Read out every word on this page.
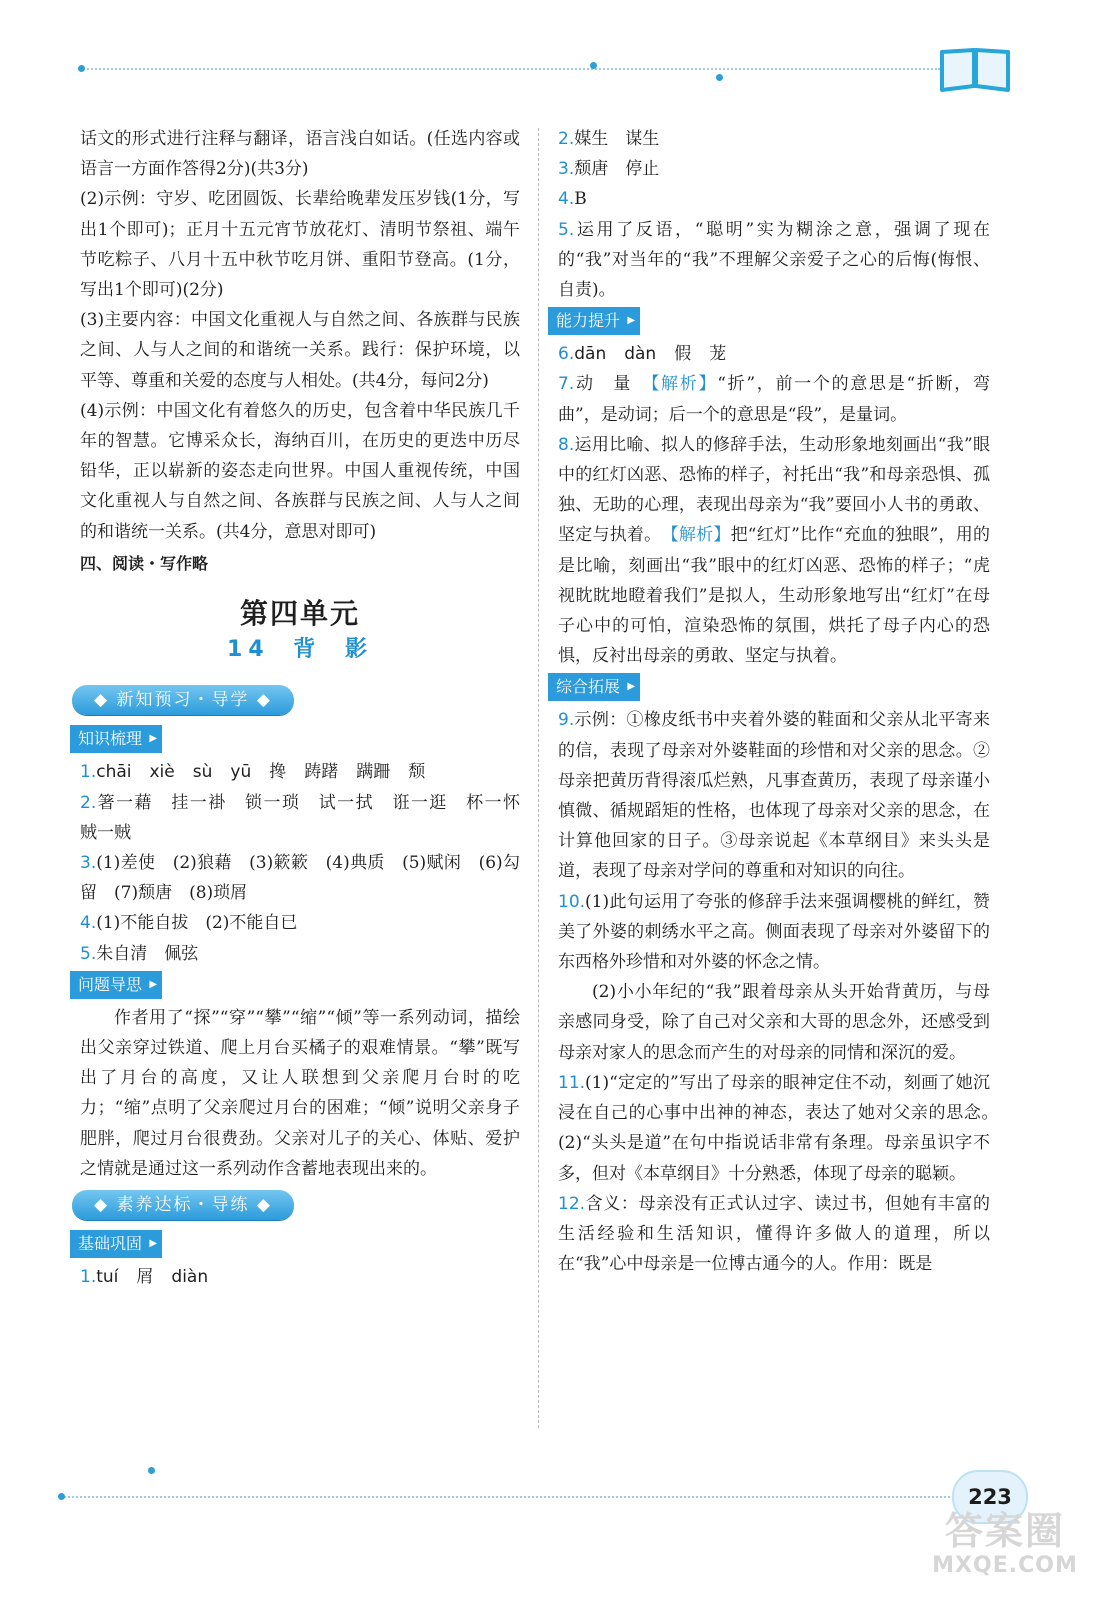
223
答案圈
MXQE.COM

话文的形式进行注释与翻译，语言浅白如话。(任选内容或语言一方面作答得2分)(共3分)

(2)示例：守岁、吃团圆饭、长辈给晚辈发压岁钱(1分，写出1个即可)；正月十五元宵节放花灯、清明节祭祖、端午节吃粽子、八月十五中秋节吃月饼、重阳节登高。(1分，写出1个即可)(2分)

(3)主要内容：中国文化重视人与自然之间、各族群与民族之间、人与人之间的和谐统一关系。践行：保护环境，以平等、尊重和关爱的态度与人相处。(共4分，每问2分)

(4)示例：中国文化有着悠久的历史，包含着中华民族几千年的智慧。它博采众长，海纳百川，在历史的更迭中历尽铅华，正以崭新的姿态走向世界。中国人重视传统，中国文化重视人与自然之间、各族群与民族之间、人与人之间的和谐统一关系。(共4分，意思对即可)

四、阅读・写作略

第四单元
14 背 影
◆ 新知预习・导学 ◆
知识梳理 ▶

1.chāi xiè sù yū 搀 踌躇 蹒跚 颓

2.箸一藉　挂一褂　锁一琐　试一拭　诳一逛　杯一怀　贼一贼

3.(1)差使　(2)狼藉　(3)簌簌　(4)典质　(5)赋闲　(6)勾留　(7)颓唐　(8)琐屑

4.(1)不能自拔　(2)不能自已

5.朱自清　佩弦

问题导思 ▶

作者用了“探”“穿”“攀”“缩”“倾”等一系列动词，描绘出父亲穿过铁道、爬上月台买橘子的艰难情景。“攀”既写出了月台的高度，又让人联想到父亲爬月台时的吃力；“缩”点明了父亲爬过月台的困难；“倾”说明父亲身子肥胖，爬过月台很费劲。父亲对儿子的关心、体贴、爱护之情就是通过这一系列动作含蓄地表现出来的。

◆ 素养达标・导练 ◆
基础巩固 ▶

1.tuí 屑 diàn

2.媒生　谋生

3.颓唐　停止

4.B

5.运用了反语，“聪明”实为糊涂之意，强调了现在的“我”对当年的“我”不理解父亲爱子之心的后悔(悔恨、自责)。

能力提升 ▶

6.dān dàn 假 茏

7.动　量　 【解析】“折”，前一个的意思是“折断，弯曲”，是动词；后一个的意思是“段”，是量词。

8.运用比喻、拟人的修辞手法，生动形象地刻画出“我”眼中的红灯凶恶、恐怖的样子，衬托出“我”和母亲恐惧、孤独、无助的心理，表现出母亲为“我”要回小人书的勇敢、坚定与执着。　 【解析】把“红灯”比作“充血的独眼”，用的是比喻，刻画出“我”眼中的红灯凶恶、恐怖的样子；“虎视眈眈地瞪着我们”是拟人，生动形象地写出“红灯”在母子心中的可怕，渲染恐怖的氛围，烘托了母子内心的恐惧，反衬出母亲的勇敢、坚定与执着。

综合拓展 ▶

9.示例：①橡皮纸书中夹着外婆的鞋面和父亲从北平寄来的信，表现了母亲对外婆鞋面的珍惜和对父亲的思念。②母亲把黄历背得滚瓜烂熟，凡事查黄历，表现了母亲谨小慎微、循规蹈矩的性格，也体现了母亲对父亲的思念，在计算他回家的日子。③母亲说起《本草纲目》来头头是道，表现了母亲对学问的尊重和对知识的向往。

10.(1)此句运用了夸张的修辞手法来强调樱桃的鲜红，赞美了外婆的刺绣水平之高。侧面表现了母亲对外婆留下的东西格外珍惜和对外婆的怀念之情。

(2)小小年纪的“我”跟着母亲从头开始背黄历，与母亲感同身受，除了自己对父亲和大哥的思念外，还感受到母亲对家人的思念而产生的对母亲的同情和深沉的爱。

11.(1)“定定的”写出了母亲的眼神定住不动，刻画了她沉浸在自己的心事中出神的神态，表达了她对父亲的思念。　(2)“头头是道”在句中指说话非常有条理。母亲虽识字不多，但对《本草纲目》十分熟悉，体现了母亲的聪颖。

12.含义：母亲没有正式认过字、读过书，但她有丰富的生活经验和生活知识，懂得许多做人的道理，所以在“我”心中母亲是一位博古通今的人。作用：既是
